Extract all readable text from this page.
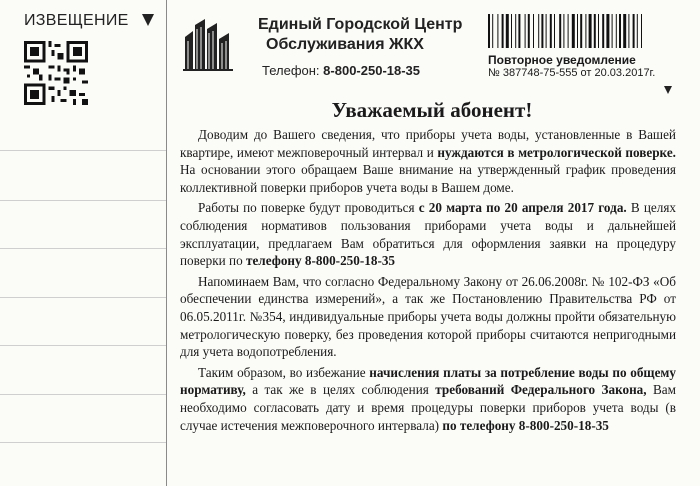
ИЗВЕЩЕНИЕ	Единый Городской Центр
Обслуживания ЖКХ
Телефон: 8-800-250-18-35
Повторное уведомление
№ 387748-75-555 от 20.03.2017г.
Уважаемый абонент!

Доводим до Вашего сведения, что приборы учета воды, установленные в Вашей квартире, имеют межповерочный интервал и нуждаются в метрологической поверке. На основании этого обращаем Ваше внимание на утвержденный график проведения коллективной поверки приборов учета воды в Вашем доме.

Работы по поверке будут проводиться с 20 марта по 20 апреля 2017 года. В целях соблюдения нормативов пользования приборами учета воды и дальнейшей эксплуатации, предлагаем Вам обратиться для оформления заявки на процедуру поверки по телефону 8-800-250-18-35

Напоминаем Вам, что согласно Федеральному Закону от 26.06.2008г. № 102-ФЗ «Об обеспечении единства измерений», а так же Постановлению Правительства РФ от 06.05.2011г. №354, индивидуальные приборы учета воды должны пройти обязательную метрологическую поверку, без проведения которой приборы считаются непригодными для учета водопотребления.

Таким образом, во избежание начисления платы за потребление воды по общему нормативу, а так же в целях соблюдения требований Федерального Закона, Вам необходимо согласовать дату и время процедуры поверки приборов учета воды (в случае истечения межповерочного интервала) по телефону 8-800-250-18-35
